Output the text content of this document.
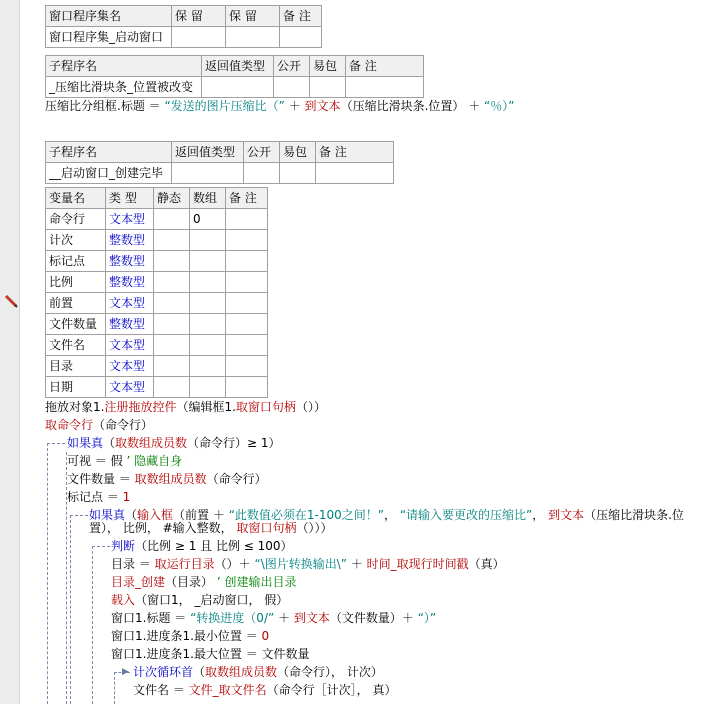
窗口程序集名	保 留	保 留	备 注
窗口程序集_启动窗口			
子程序名	返回值类型	公开	易包	备 注
_压缩比滑块条_位置被改变				
压缩比分组框.标题 ＝ “发送的图片压缩比（” ＋ 到文本（压缩比滑块条.位置） ＋ “％）”
子程序名	返回值类型	公开	易包	备 注
__启动窗口_创建完毕				
变量名	类 型	静态	数组	备 注
命令行	文本型		0	
计次	整数型			
标记点	整数型			
比例	整数型			
前置	文本型			
文件数量	整数型			
文件名	文本型			
目录	文本型			
日期	文本型			
拖放对象1.注册拖放控件（编辑框1.取窗口句柄（））
取命令行（命令行）
如果真（取数组成员数（命令行）≥ 1）
可视 ＝ 假 ’ 隐藏自身
文件数量 ＝ 取数组成员数（命令行）
标记点 ＝ 1
如果真（输入框（前置 ＋ “此数值必须在1-100之间！”， “请输入要更改的压缩比”， 到文本（压缩比滑块条.位
置）， 比例， #输入整数， 取窗口句柄（）））
判断（比例 ≥ 1 且 比例 ≤ 100）
目录 ＝ 取运行目录（）＋ “\图片转换输出\” ＋ 时间_取现行时间戳（真）
目录_创建（目录） ’ 创建输出目录
载入（窗口1， _启动窗口， 假）
窗口1.标题 ＝ “转换进度（0/” ＋ 到文本（文件数量）＋ “）”
窗口1.进度条1.最小位置 ＝ 0
窗口1.进度条1.最大位置 ＝ 文件数量
▶ 计次循环首（取数组成员数（命令行）， 计次）
文件名 ＝ 文件_取文件名（命令行［计次］， 真）
